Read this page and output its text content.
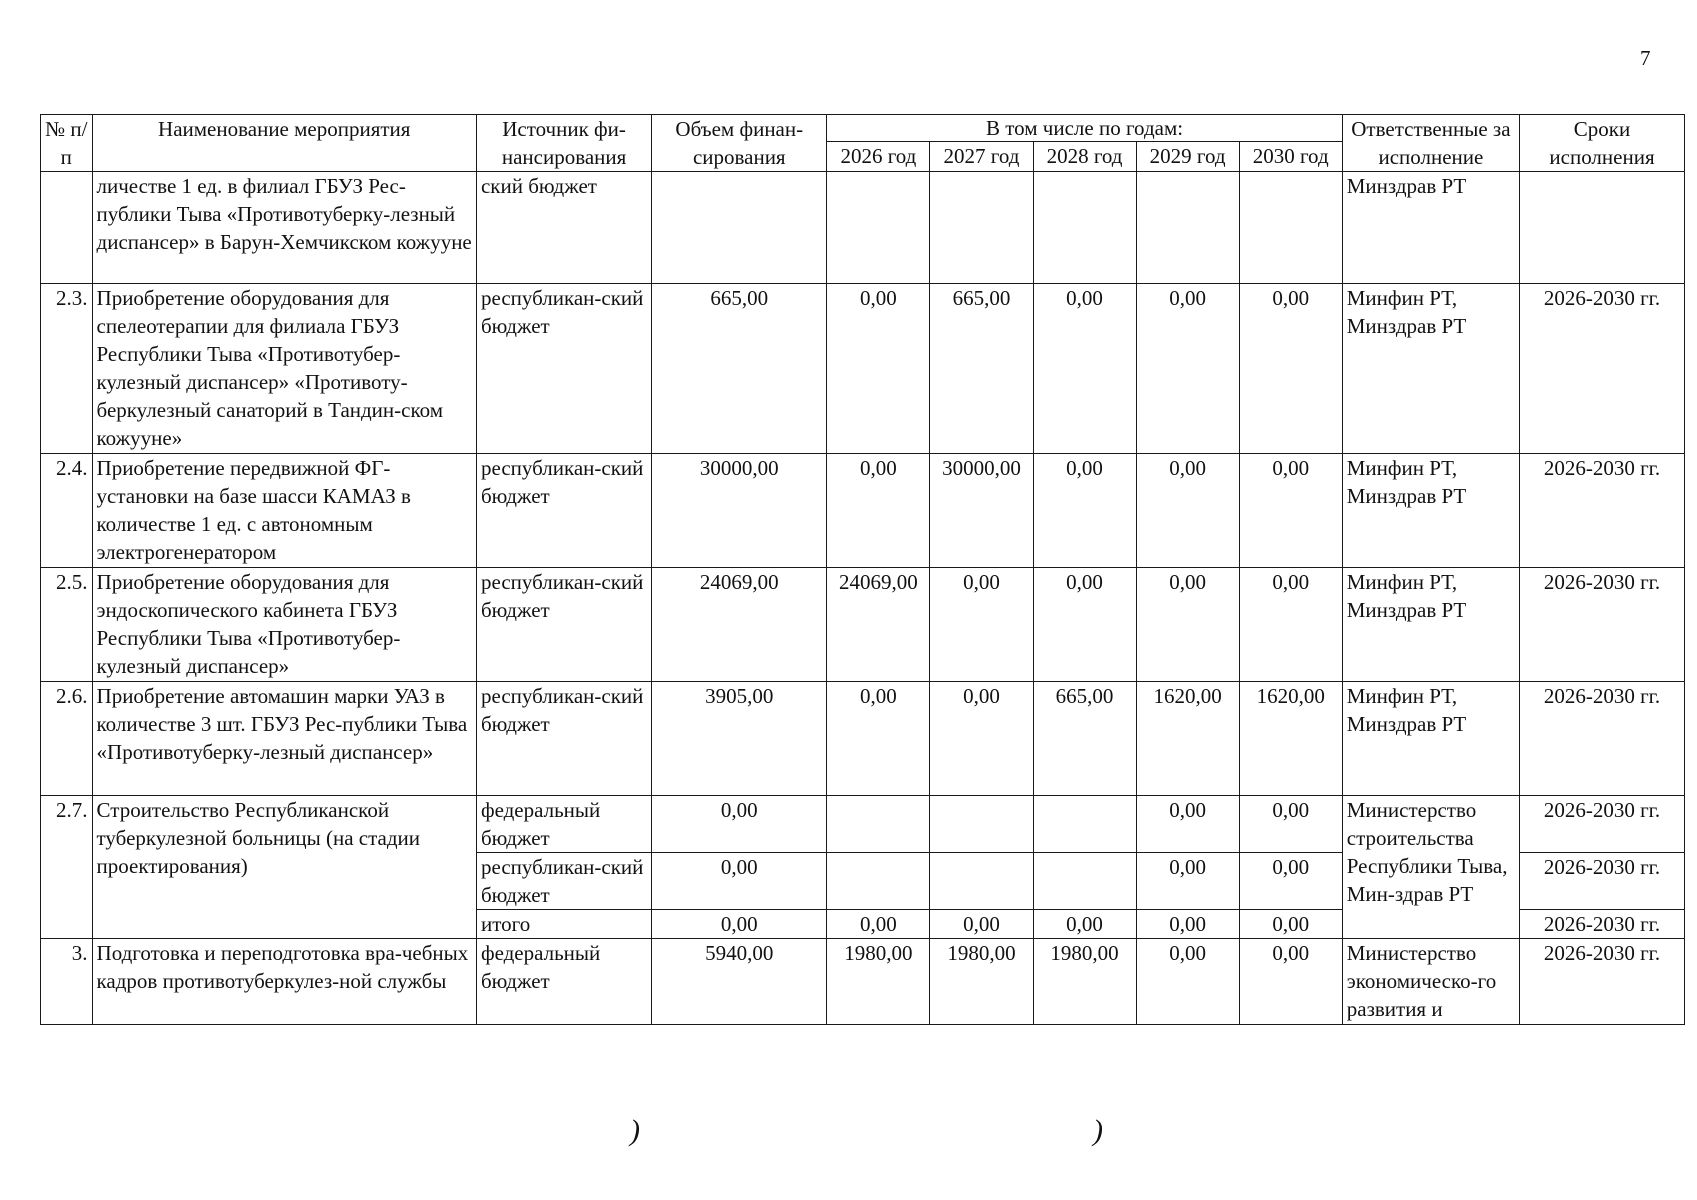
7
№ п/п	Наименование мероприятия	Источник фи-нансирования	Объем финан-сирования	В том числе по годам:					Ответственные за исполнение	Сроки исполнения
				2026 год	2027 год	2028 год	2029 год	2030 год		
	личестве 1 ед. в филиал ГБУЗ Рес-публики Тыва «Противотуберку-лезный диспансер» в Барун-Хемчикском кожууне	ский бюджет							Минздрав РТ	
2.3.	Приобретение оборудования для спелеотерапии для филиала ГБУЗ Республики Тыва «Противотубер-кулезный диспансер» «Противоту-беркулезный санаторий в Тандин-ском кожууне»	республикан-ский бюджет	665,00	0,00	665,00	0,00	0,00	0,00	Минфин РТ, Минздрав РТ	2026-2030 гг.
2.4.	Приобретение передвижной ФГ-установки на базе шасси КАМАЗ в количестве 1 ед. с автономным электрогенератором	республикан-ский бюджет	30000,00	0,00	30000,00	0,00	0,00	0,00	Минфин РТ, Минздрав РТ	2026-2030 гг.
2.5.	Приобретение оборудования для эндоскопического кабинета ГБУЗ Республики Тыва «Противотубер-кулезный диспансер»	республикан-ский бюджет	24069,00	24069,00	0,00	0,00	0,00	0,00	Минфин РТ, Минздрав РТ	2026-2030 гг.
2.6.	Приобретение автомашин марки УАЗ в количестве 3 шт. ГБУЗ Рес-публики Тыва «Противотуберку-лезный диспансер»	республикан-ский бюджет	3905,00	0,00	0,00	665,00	1620,00	1620,00	Минфин РТ, Минздрав РТ	2026-2030 гг.
2.7.	Строительство Республиканской туберкулезной больницы (на стадии проектирования)	федеральный бюджет	0,00				0,00	0,00	Министерство строительства Республики Тыва, Мин-здрав РТ	2026-2030 гг.
		республикан-ский бюджет	0,00				0,00	0,00		2026-2030 гг.
		итого	0,00	0,00	0,00	0,00	0,00	0,00		2026-2030 гг.
3.	Подготовка и переподготовка вра-чебных кадров противотуберкулез-ной службы	федеральный бюджет	5940,00	1980,00	1980,00	1980,00	0,00	0,00	Министерство экономическо-го развития и	2026-2030 гг.
)	)
